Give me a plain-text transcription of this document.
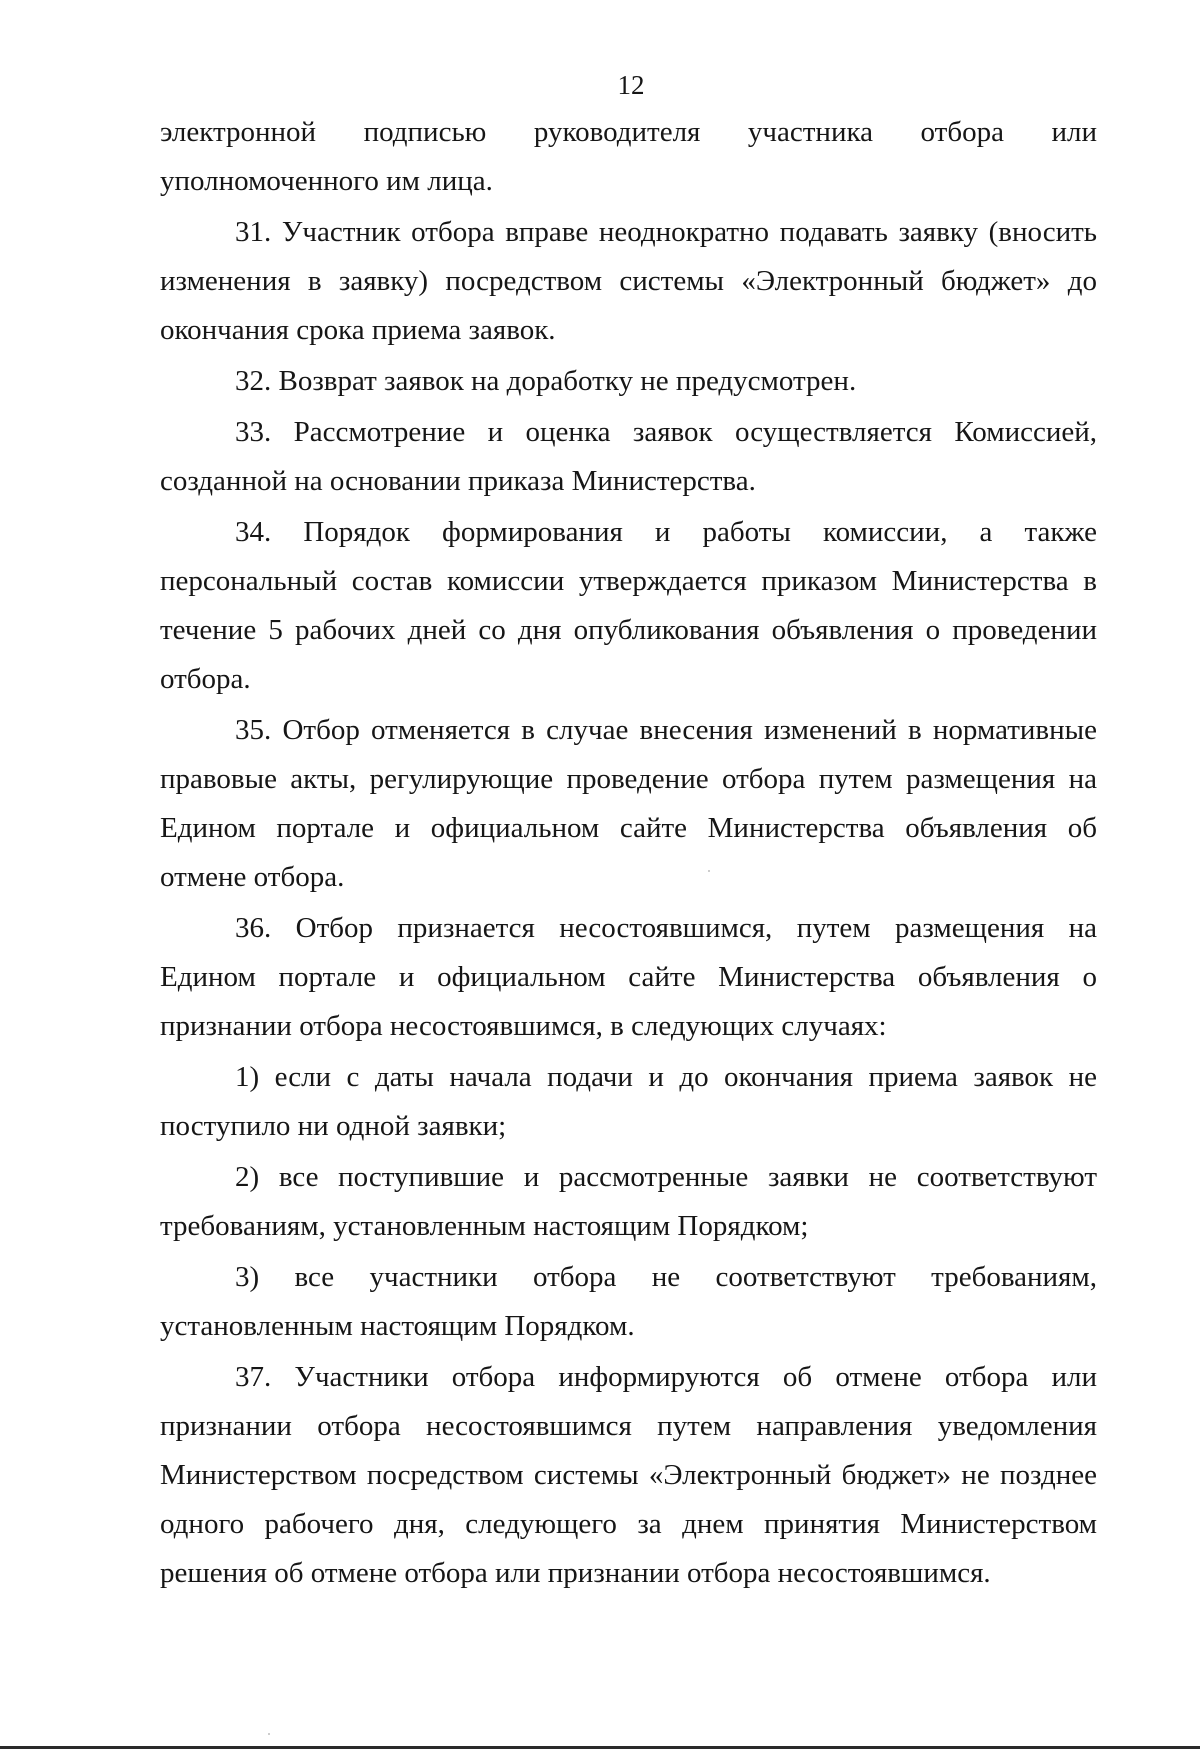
12

электронной подписью руководителя участника отбора или уполномоченного им лица.

31. Участник отбора вправе неоднократно подавать заявку (вносить изменения в заявку) посредством системы «Электронный бюджет» до окончания срока приема заявок.

32. Возврат заявок на доработку не предусмотрен.

33. Рассмотрение и оценка заявок осуществляется Комиссией, созданной на основании приказа Министерства.

34. Порядок формирования и работы комиссии, а также персональный состав комиссии утверждается приказом Министерства в течение 5 рабочих дней со дня опубликования объявления о проведении отбора.

35. Отбор отменяется в случае внесения изменений в нормативные правовые акты, регулирующие проведение отбора путем размещения на Едином портале и официальном сайте Министерства объявления об отмене отбора.

36. Отбор признается несостоявшимся, путем размещения на Едином портале и официальном сайте Министерства объявления о признании отбора несостоявшимся, в следующих случаях:

1) если с даты начала подачи и до окончания приема заявок не поступило ни одной заявки;

2) все поступившие и рассмотренные заявки не соответствуют требованиям, установленным настоящим Порядком;

3) все участники отбора не соответствуют требованиям, установленным настоящим Порядком.

37. Участники отбора информируются об отмене отбора или признании отбора несостоявшимся путем направления уведомления Министерством посредством системы «Электронный бюджет» не позднее одного рабочего дня, следующего за днем принятия Министерством решения об отмене отбора или признании отбора несостоявшимся.
